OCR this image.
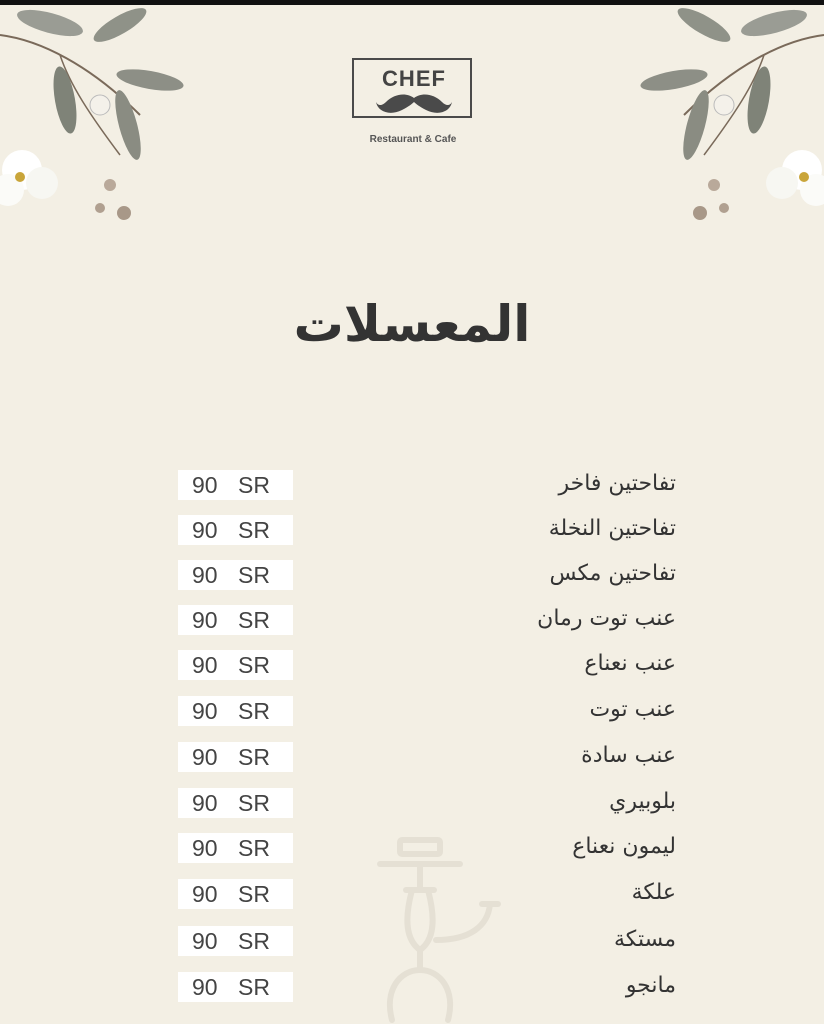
CHEF
Restaurant & Cafe
المعسلات
تفاحتين فاخر
90 SR
تفاحتين النخلة
90 SR
تفاحتين مكس
90 SR
عنب توت رمان
90 SR
عنب نعناع
90 SR
عنب توت
90 SR
عنب سادة
90 SR
بلوبيري
90 SR
ليمون نعناع
90 SR
علكة
90 SR
مستكة
90 SR
مانجو
90 SR
